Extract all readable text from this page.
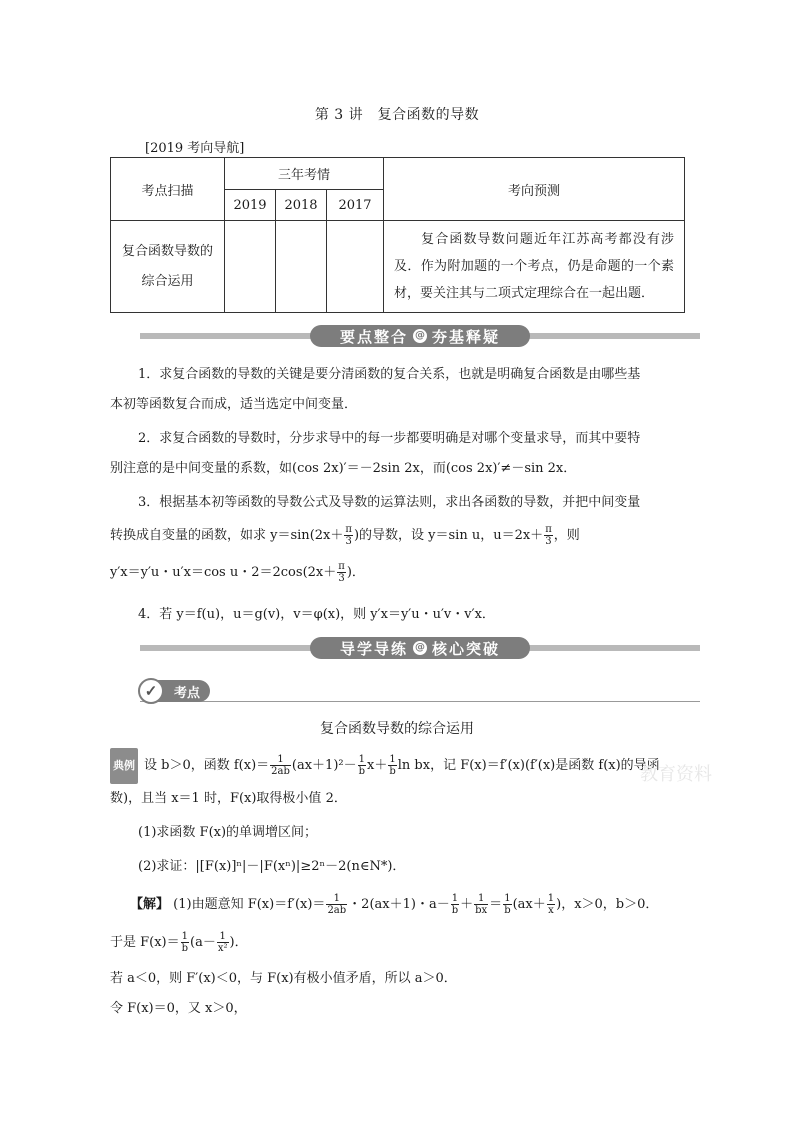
第 3 讲　复合函数的导数
[2019 考向导航]
考点扫描	三年考情			考向预测
	2019	2018	2017	
复合函数导数的
综合运用				复合函数导数问题近年江苏高考都没有涉及．作为附加题的一个考点，仍是命题的一个素材，要关注其与二项式定理综合在一起出题．
要点整合 @ 夯基释疑
1．求复合函数的导数的关键是要分清函数的复合关系，也就是明确复合函数是由哪些基
本初等函数复合而成，适当选定中间变量．
2．求复合函数的导数时，分步求导中的每一步都要明确是对哪个变量求导，而其中要特
别注意的是中间变量的系数，如(cos 2x)′＝－2sin 2x，而(cos 2x)′≠－sin 2x．
3．根据基本初等函数的导数公式及导数的运算法则，求出各函数的导数，并把中间变量
转换成自变量的函数，如求 $y=\sin(2x+ \frac{\pi}{3}$ )的导数，设 y＝sin u，$u=2x+ \frac{\pi}{3}$ ，则
y′x＝y′u・u′x＝cos u・$2=2\cos(2x+ \frac{\pi}{3}$ )．
4．若 y＝f(u)，u＝g(v)，v＝φ(x)，则 y′x＝y′u・u′v・v′x．
导学导练 @ 核心突破
考点
✓
复合函数导数的综合运用
典例 设 b＞0，函数 $f(x)= \frac{1}{2ab} (ax+1)^2- \frac{1}{b} x+ \frac{1}{b}$ ln bx，记 F(x)＝f′(x)(f′(x)是函数 f(x)的导函
数)，且当 x＝1 时，F(x)取得极小值 2．
(1)求函数 F(x)的单调增区间；
(2)求证：|[F(x)]ⁿ|－|F(xⁿ)|≥2ⁿ－2(n∈N*)．
【解】 (1)由题意知 $F(x)=f'(x)= \frac{1}{2ab}$ ・2(ax＋1)・$a- \frac{1}{b} + \frac{1}{bx} = \frac{1}{b} (ax+ \frac{1}{x}$ )，x＞0，b＞0．
于是 $F(x)= \frac{1}{b} (a- \frac{1}{\text{x²}}$ )．
若 a＜0，则 F′(x)＜0，与 F(x)有极小值矛盾，所以 a＞0．
令 F(x)＝0，又 x＞0，
教育资料
